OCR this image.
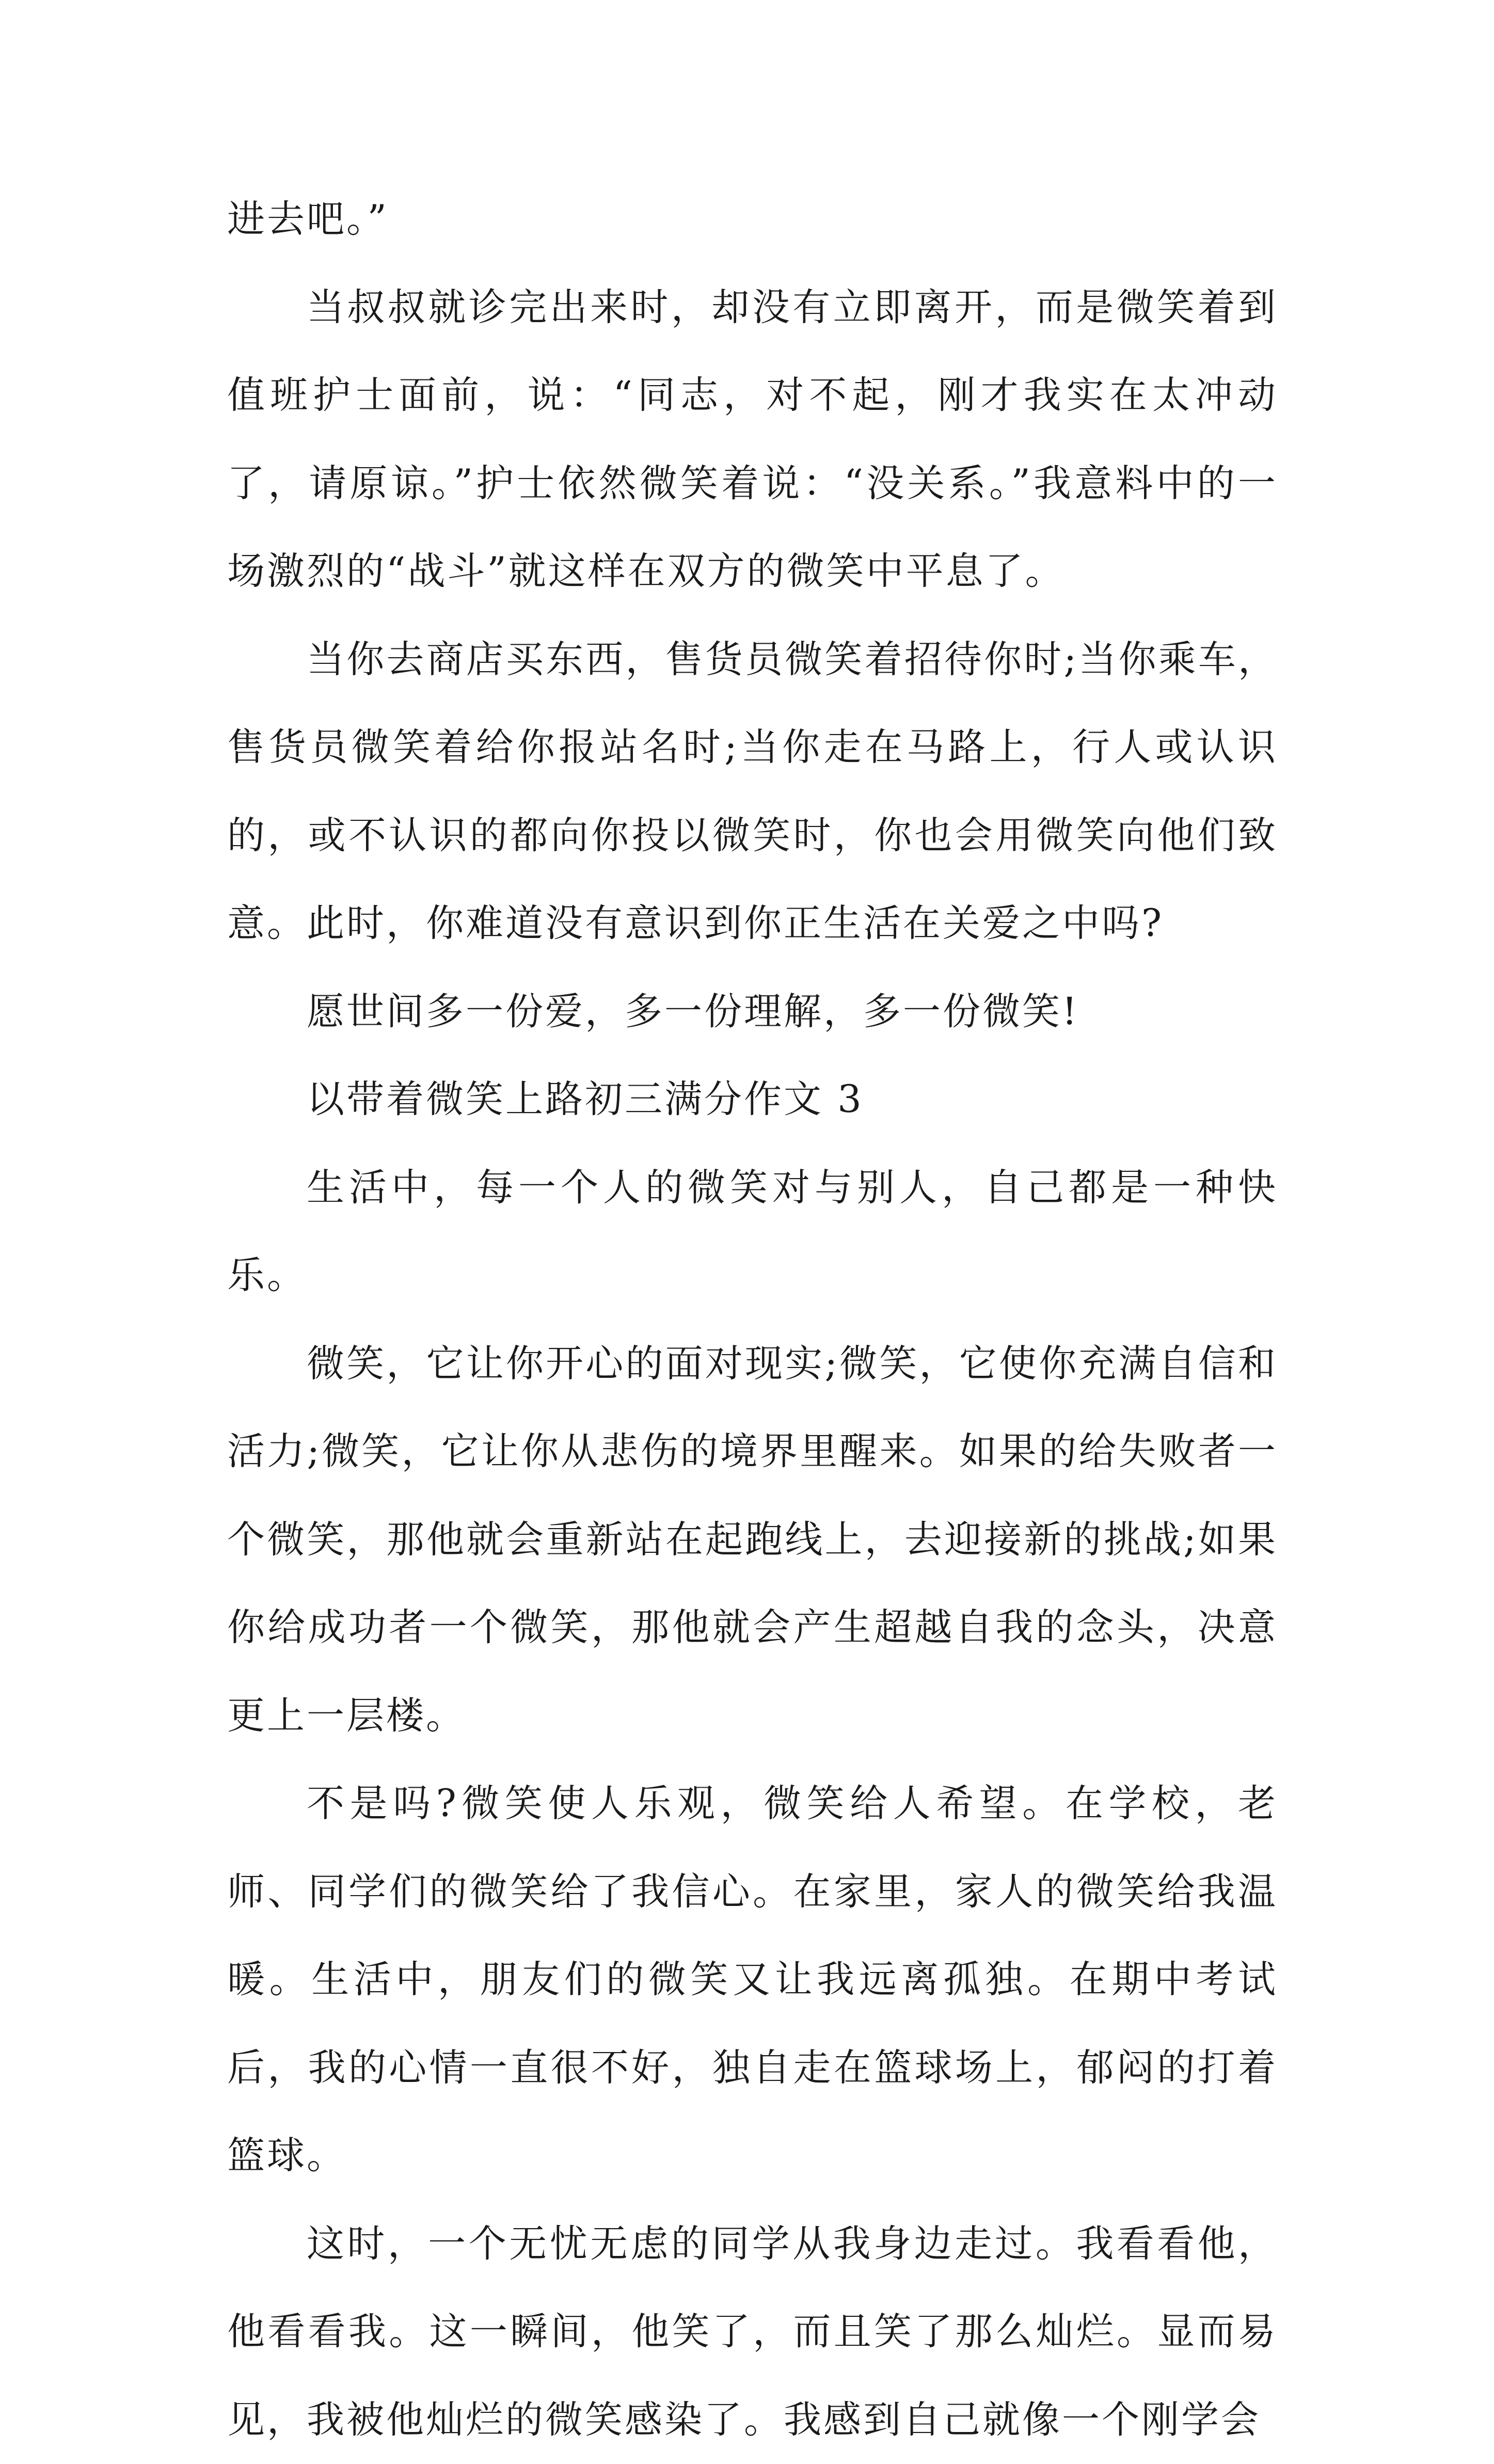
进去吧。”

当叔叔就诊完出来时，却没有立即离开，而是微笑着到值班护士面前，说：“同志，对不起，刚才我实在太冲动了，请原谅。”护士依然微笑着说：“没关系。”我意料中的一场激烈的“战斗”就这样在双方的微笑中平息了。

当你去商店买东西，售货员微笑着招待你时;当你乘车，售货员微笑着给你报站名时;当你走在马路上，行人或认识的，或不认识的都向你投以微笑时，你也会用微笑向他们致意。此时，你难道没有意识到你正生活在关爱之中吗?

愿世间多一份爱，多一份理解，多一份微笑!

以带着微笑上路初三满分作文 3

生活中，每一个人的微笑对与别人，自己都是一种快乐。

微笑，它让你开心的面对现实;微笑，它使你充满自信和活力;微笑，它让你从悲伤的境界里醒来。如果的给失败者一个微笑，那他就会重新站在起跑线上，去迎接新的挑战;如果你给成功者一个微笑，那他就会产生超越自我的念头，决意更上一层楼。

不是吗?微笑使人乐观，微笑给人希望。在学校，老师、同学们的微笑给了我信心。在家里，家人的微笑给我温暖。生活中，朋友们的微笑又让我远离孤独。在期中考试后，我的心情一直很不好，独自走在篮球场上，郁闷的打着篮球。

这时，一个无忧无虑的同学从我身边走过。我看看他，他看看我。这一瞬间，他笑了，而且笑了那么灿烂。显而易见，我被他灿烂的微笑感染了。我感到自己就像一个刚学会
